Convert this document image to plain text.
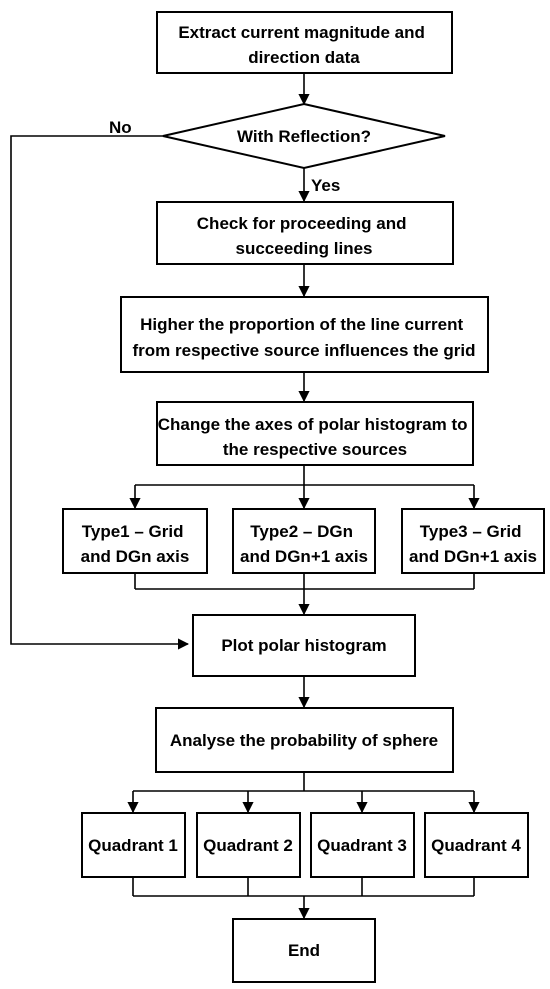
No
Yes
Extract current magnitude and direction data
With Reflection?
Check for proceeding and succeeding lines
Higher the proportion of the line current from respective source influences the grid
Change the axes of polar histogram to the respective sources
Type1 – Grid and DGn axis
Type2 – DGn and DGn+1 axis
Type3 – Grid and DGn+1 axis
Plot polar histogram
Analyse the probability of sphere
Quadrant 1 Quadrant 2 Quadrant 3 Quadrant 4
End
